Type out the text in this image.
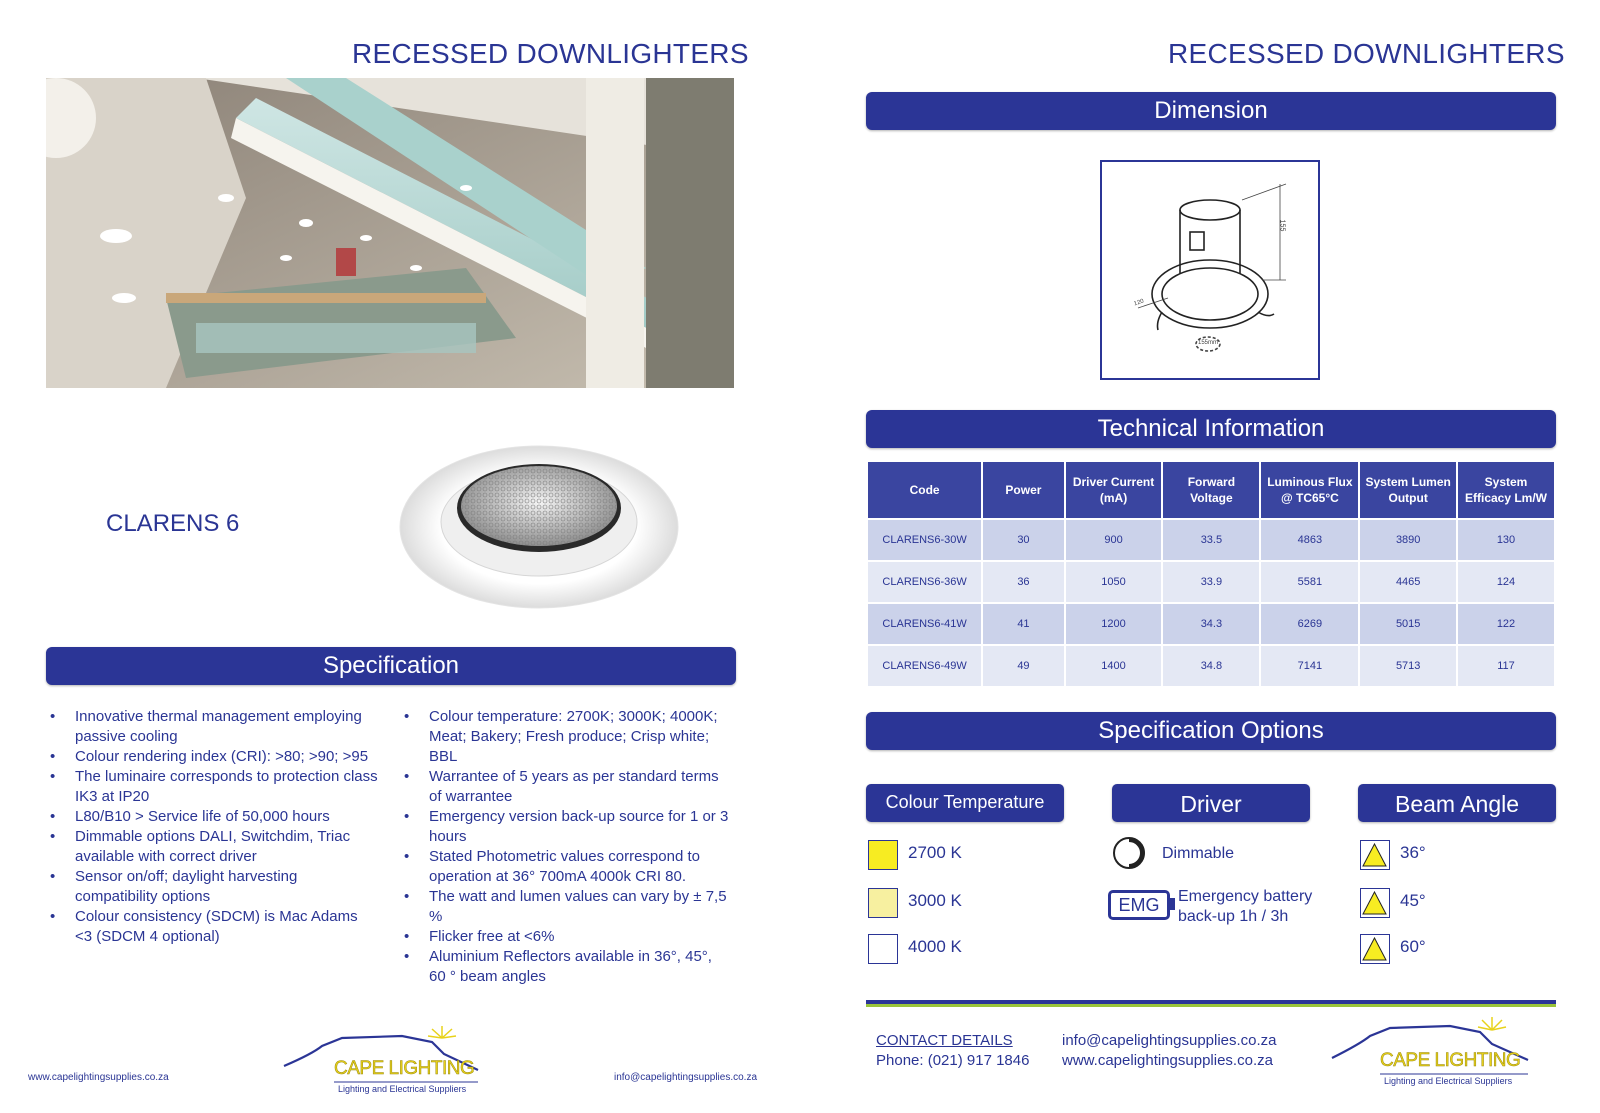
RECESSED DOWNLIGHTERS
CLARENS 6
Specification
• Innovative thermal management employing passive cooling
• Colour rendering index (CRI): >80; >90; >95
• The luminaire corresponds to protection class IK3 at IP20
• L80/B10 > Service life of 50,000 hours
• Dimmable options DALI, Switchdim, Triac available with correct driver
• Sensor on/off; daylight harvesting compatibility options
• Colour consistency (SDCM) is Mac Adams <3 (SDCM 4 optional)
• Colour temperature: 2700K; 3000K; 4000K; Meat; Bakery; Fresh produce; Crisp white; BBL
• Warrantee of 5 years as per standard terms of warrantee
• Emergency version back-up source for 1 or 3 hours
• Stated Photometric values correspond to operation at 36° 700mA 4000k CRI 80.
• The watt and lumen values can vary by ± 7,5 %
• Flicker free at <6%
• Aluminium Reflectors available in 36°, 45°, 60 ° beam angles
www.capelightingsupplies.co.za	info@capelightingsupplies.co.za
CAPE LIGHTING
Lighting and Electrical Suppliers
RECESSED DOWNLIGHTERS
Dimension
155
120
155mm
Technical Information
Code	Power	Driver Current (mA)	Forward Voltage	Luminous Flux @ TC65°C	System Lumen Output	System Efficacy Lm/W
CLARENS6-30W	30	900	33.5	4863	3890	130
CLARENS6-36W	36	1050	33.9	5581	4465	124
CLARENS6-41W	41	1200	34.3	6269	5015	122
CLARENS6-49W	49	1400	34.8	7141	5713	117
Specification Options
Colour Temperature	Driver	Beam Angle
2700 K
3000 K
4000 K
Dimmable
EMG	Emergency battery
back-up 1h / 3h
36°
45°
60°
CONTACT DETAILS
Phone: (021) 917 1846
info@capelightingsupplies.co.za
www.capelightingsupplies.co.za	CAPE LIGHTING
Lighting and Electrical Suppliers
